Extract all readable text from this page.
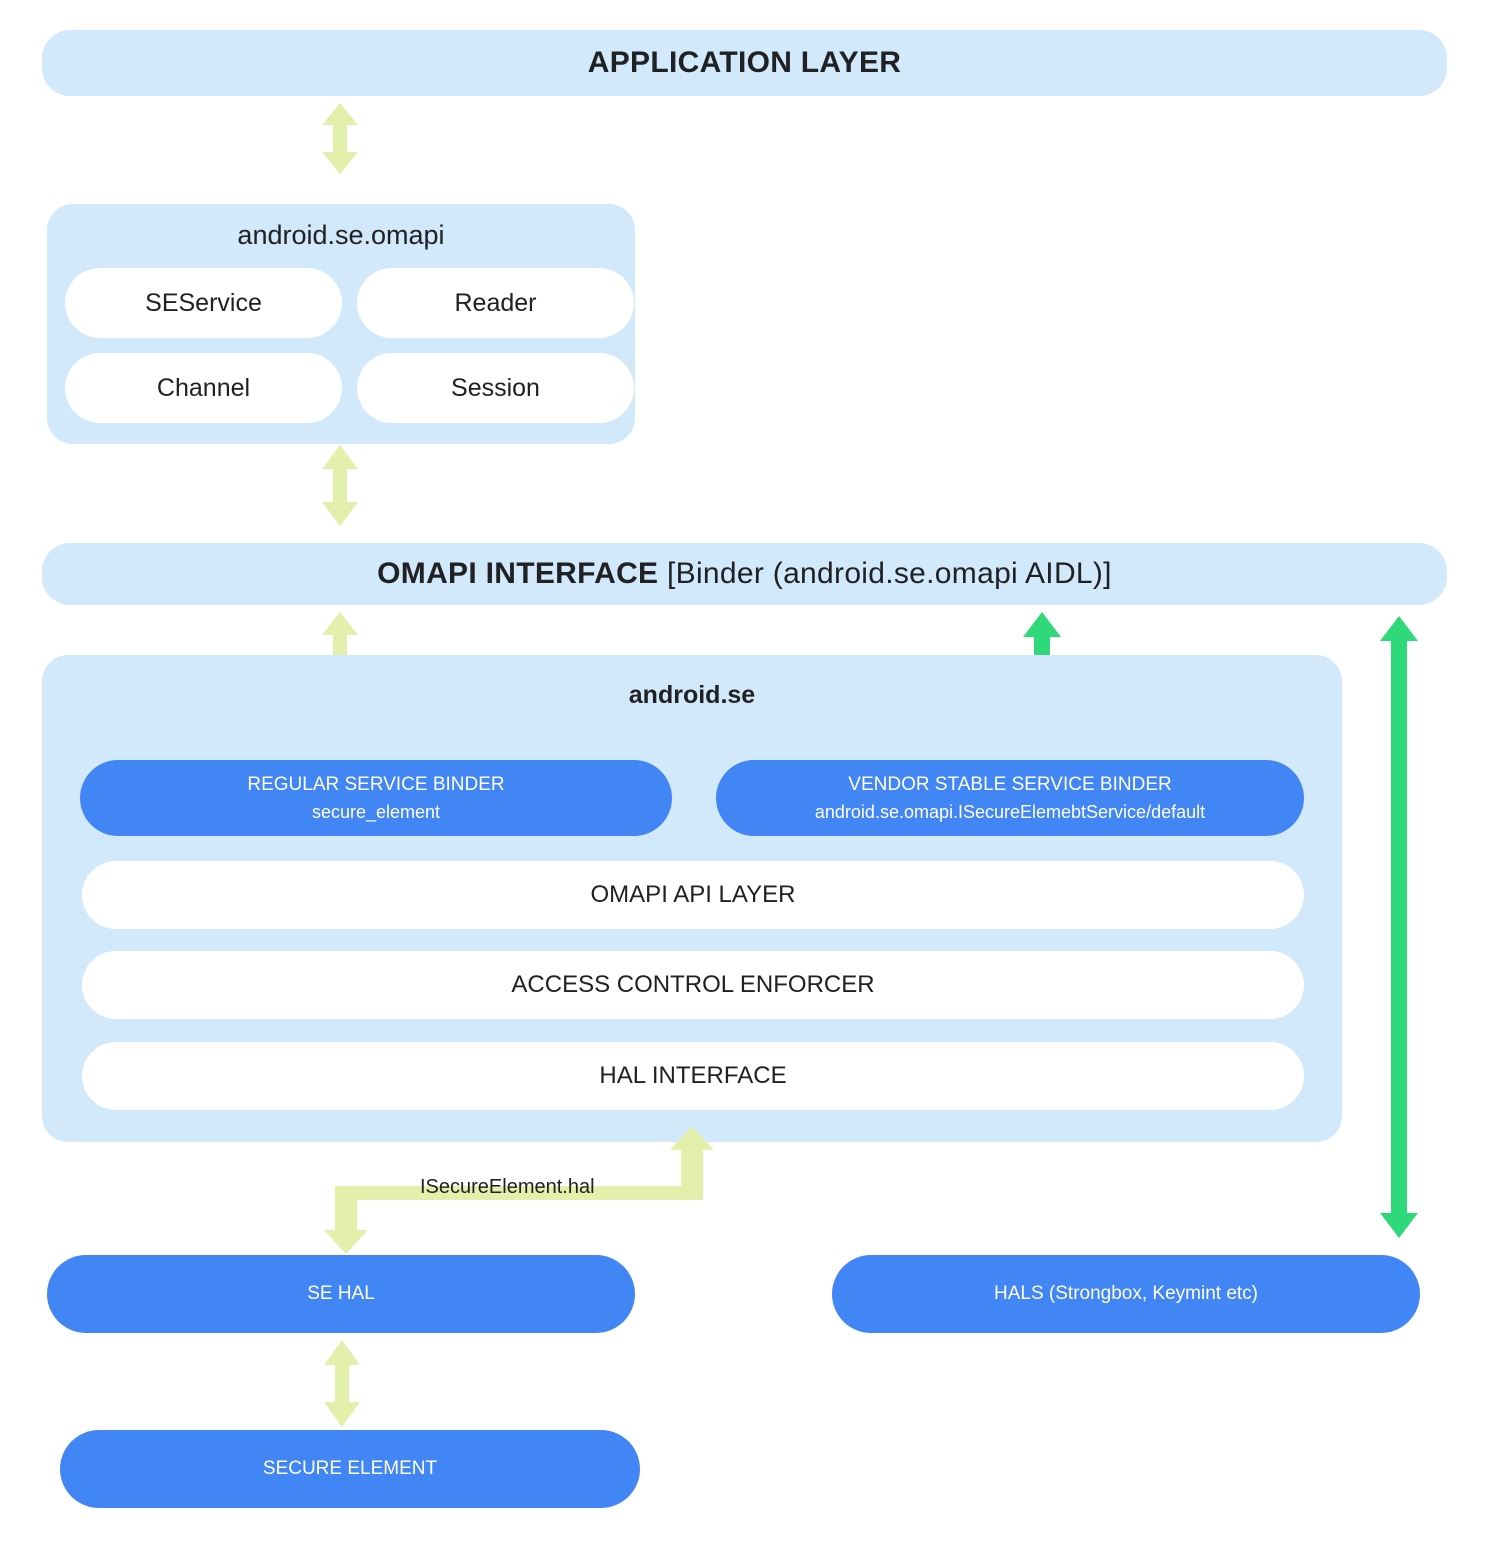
APPLICATION LAYER
android.se.omapi
SEService	Reader
Channel	Session
OMAPI INTERFACE [Binder (android.se.omapi AIDL)]
android.se
REGULAR SERVICE BINDER
secure_element
VENDOR STABLE SERVICE BINDER
android.se.omapi.ISecureElemebtService/default
OMAPI API LAYER
ACCESS CONTROL ENFORCER
HAL INTERFACE
ISecureElement.hal
SE HAL	HALS (Strongbox, Keymint etc)
SECURE ELEMENT
